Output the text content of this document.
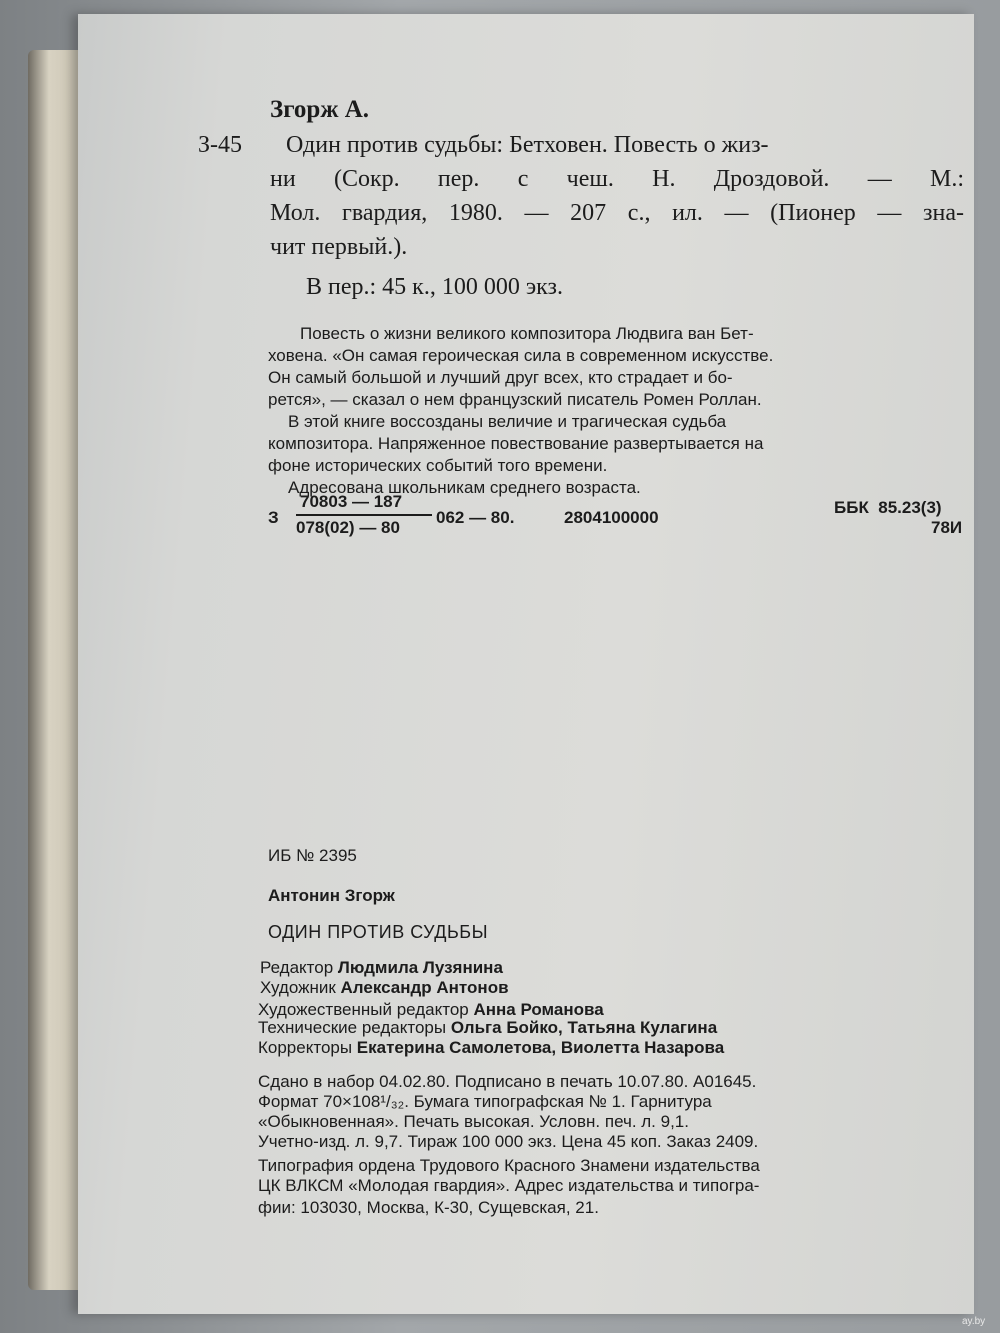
Згорж А.
З-45 Один против судьбы: Бетховен. Повесть о жиз-
ни (Сокр. пер. с чеш. Н. Дроздовой. — М.:
Мол. гвардия, 1980. — 207 с., ил. — (Пионер — зна-
чит первый.).
В пер.: 45 к., 100 000 экз.
Повесть о жизни великого композитора Людвига ван Бет-
ховена. «Он самая героическая сила в современном искусстве.
Он самый большой и лучший друг всех, кто страдает и бо-
рется», — сказал о нем французский писатель Ромен Роллан.
В этой книге воссозданы величие и трагическая судьба
композитора. Напряженное повествование развертывается на
фоне исторических событий того времени.
Адресована школьникам среднего возраста.
З
70803 — 187
078(02) — 80
062 — 80.	2804100000
ББК  85.23(3)
78И
ИБ № 2395
Антонин Згорж
ОДИН ПРОТИВ СУДЬБЫ
Редактор Людмила Лузянина
Художник Александр Антонов
Художественный редактор Анна Романова
Технические редакторы Ольга Бойко, Татьяна Кулагина
Корректоры Екатерина Самолетова, Виолетта Назарова
Сдано в набор 04.02.80. Подписано в печать 10.07.80. А01645.
Формат 70×108¹/₃₂. Бумага типографская № 1. Гарнитура
«Обыкновенная». Печать высокая. Условн. печ. л. 9,1.
Учетно-изд. л. 9,7. Тираж 100 000 экз. Цена 45 коп. Заказ 2409.
Типография ордена Трудового Красного Знамени издательства
ЦК ВЛКСМ «Молодая гвардия». Адрес издательства и типогра-
фии: 103030, Москва, К-30, Сущевская, 21.
ay.by
